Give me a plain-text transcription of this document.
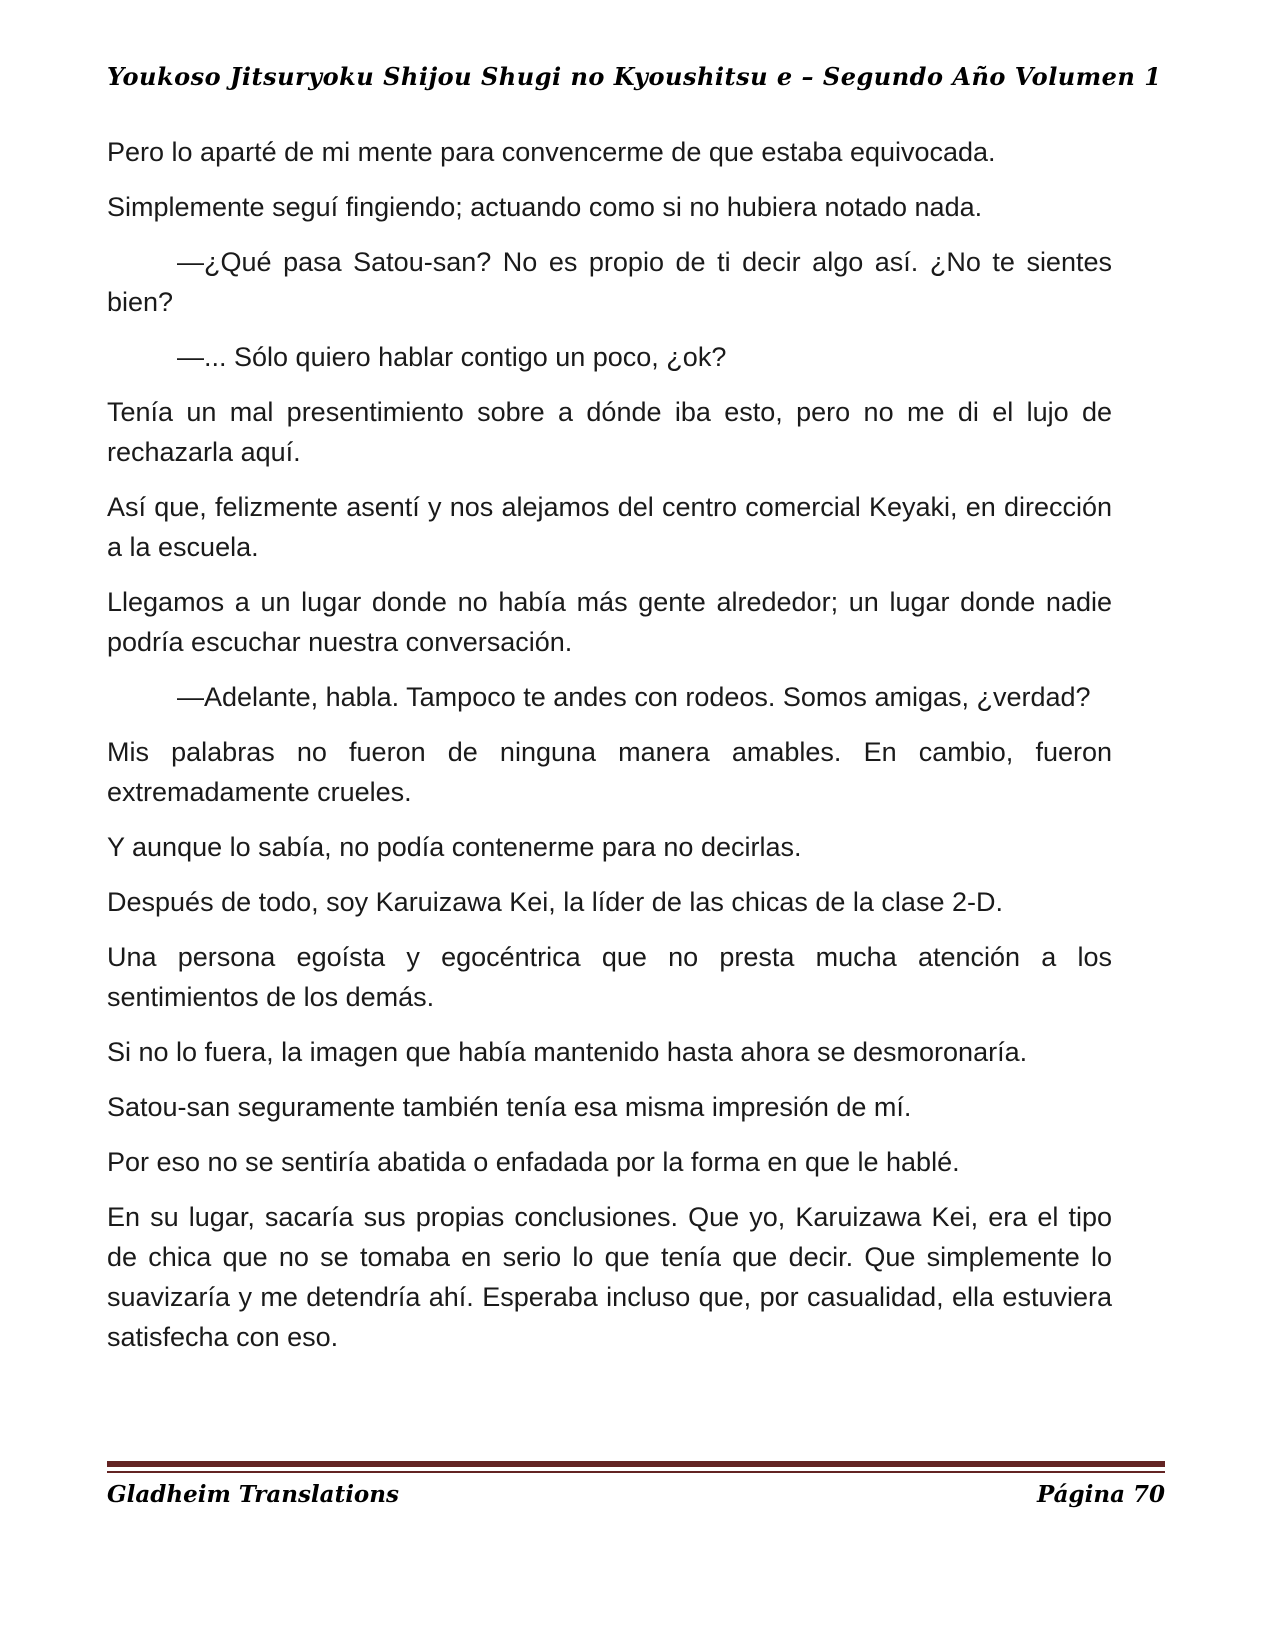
Youkoso Jitsuryoku Shijou Shugi no Kyoushitsu e – Segundo Año Volumen 1

Pero lo aparté de mi mente para convencerme de que estaba equivocada.

Simplemente seguí fingiendo; actuando como si no hubiera notado nada.

—¿Qué pasa Satou-san? No es propio de ti decir algo así. ¿No te sientes bien?

—... Sólo quiero hablar contigo un poco, ¿ok?

Tenía un mal presentimiento sobre a dónde iba esto, pero no me di el lujo de rechazarla aquí.

Así que, felizmente asentí y nos alejamos del centro comercial Keyaki, en dirección a la escuela.

Llegamos a un lugar donde no había más gente alrededor; un lugar donde nadie podría escuchar nuestra conversación.

—Adelante, habla. Tampoco te andes con rodeos. Somos amigas, ¿verdad?

Mis palabras no fueron de ninguna manera amables. En cambio, fueron extremadamente crueles.

Y aunque lo sabía, no podía contenerme para no decirlas.

Después de todo, soy Karuizawa Kei, la líder de las chicas de la clase 2-D.

Una persona egoísta y egocéntrica que no presta mucha atención a los sentimientos de los demás.

Si no lo fuera, la imagen que había mantenido hasta ahora se desmoronaría.

Satou-san seguramente también tenía esa misma impresión de mí.

Por eso no se sentiría abatida o enfadada por la forma en que le hablé.

En su lugar, sacaría sus propias conclusiones. Que yo, Karuizawa Kei, era el tipo de chica que no se tomaba en serio lo que tenía que decir. Que simplemente lo suavizaría y me detendría ahí. Esperaba incluso que, por casualidad, ella estuviera satisfecha con eso.

Gladheim Translations	Página 70
